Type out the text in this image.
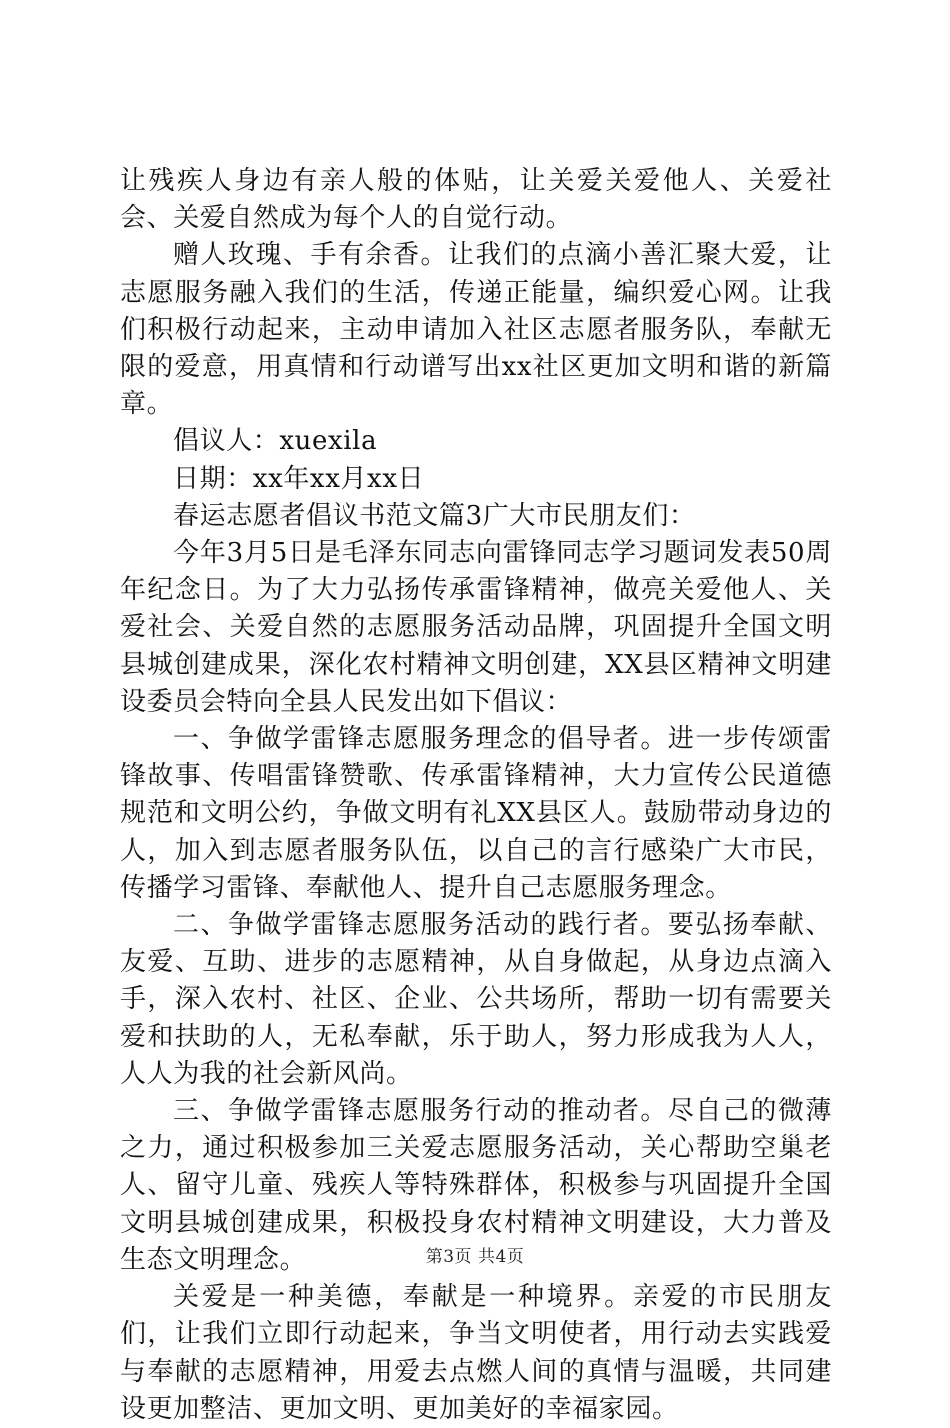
让残疾人身边有亲人般的体贴，让关爱关爱他人、关爱社会、关爱自然成为每个人的自觉行动。

赠人玫瑰、手有余香。让我们的点滴小善汇聚大爱，让志愿服务融入我们的生活，传递正能量，编织爱心网。让我们积极行动起来，主动申请加入社区志愿者服务队，奉献无限的爱意，用真情和行动谱写出xx社区更加文明和谐的新篇章。

倡议人：xuexila

日期：xx年xx月xx日

春运志愿者倡议书范文篇3广大市民朋友们：

今年3月5日是毛泽东同志向雷锋同志学习题词发表50周年纪念日。为了大力弘扬传承雷锋精神，做亮关爱他人、关爱社会、关爱自然的志愿服务活动品牌，巩固提升全国文明县城创建成果，深化农村精神文明创建，XX县区精神文明建设委员会特向全县人民发出如下倡议：

一、争做学雷锋志愿服务理念的倡导者。进一步传颂雷锋故事、传唱雷锋赞歌、传承雷锋精神，大力宣传公民道德规范和文明公约，争做文明有礼XX县区人。鼓励带动身边的人，加入到志愿者服务队伍，以自己的言行感染广大市民，传播学习雷锋、奉献他人、提升自己志愿服务理念。

二、争做学雷锋志愿服务活动的践行者。要弘扬奉献、友爱、互助、进步的志愿精神，从自身做起，从身边点滴入手，深入农村、社区、企业、公共场所，帮助一切有需要关爱和扶助的人，无私奉献，乐于助人，努力形成我为人人，人人为我的社会新风尚。

三、争做学雷锋志愿服务行动的推动者。尽自己的微薄之力，通过积极参加三关爱志愿服务活动，关心帮助空巢老人、留守儿童、残疾人等特殊群体，积极参与巩固提升全国文明县城创建成果，积极投身农村精神文明建设，大力普及生态文明理念。

关爱是一种美德，奉献是一种境界。亲爱的市民朋友们，让我们立即行动起来，争当文明使者，用行动去实践爱与奉献的志愿精神，用爱去点燃人间的真情与温暖，共同建设更加整洁、更加文明、更加美好的幸福家园。

第3页 共4页
